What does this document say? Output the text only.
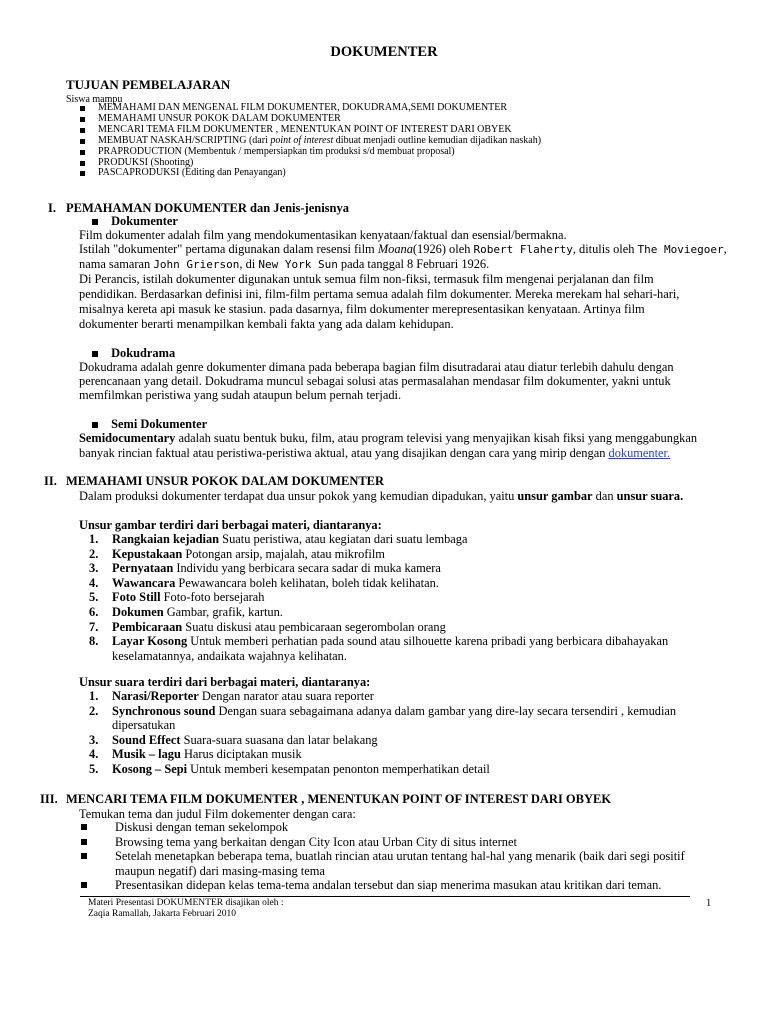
DOKUMENTER
TUJUAN PEMBELAJARAN
Siswa mampu
MEMAHAMI DAN MENGENAL FILM DOKUMENTER, DOKUDRAMA,SEMI DOKUMENTER
MEMAHAMI UNSUR POKOK DALAM DOKUMENTER
MENCARI TEMA FILM DOKUMENTER , MENENTUKAN POINT OF INTEREST DARI OBYEK
MEMBUAT NASKAH/SCRIPTING (dari point of interest dibuat menjadi outline kemudian dijadikan naskah)
PRAPRODUCTION (Membentuk / mempersiapkan tim produksi s/d membuat proposal)
PRODUKSI (Shooting)
PASCAPRODUKSI (Editing dan Penayangan)
I. PEMAHAMAN DOKUMENTER dan Jenis-jenisnya
Dokumenter
Film dokumenter adalah film yang mendokumentasikan kenyataan/faktual dan esensial/bermakna.
Istilah "dokumenter" pertama digunakan dalam resensi film Moana(1926) oleh Robert Flaherty, ditulis oleh The Moviegoer,
nama samaran John Grierson, di New York Sun pada tanggal 8 Februari 1926.
Di Perancis, istilah dokumenter digunakan untuk semua film non-fiksi, termasuk film mengenai perjalanan dan film
pendidikan. Berdasarkan definisi ini, film-film pertama semua adalah film dokumenter. Mereka merekam hal sehari-hari,
misalnya kereta api masuk ke stasiun. pada dasarnya, film dokumenter merepresentasikan kenyataan. Artinya film
dokumenter berarti menampilkan kembali fakta yang ada dalam kehidupan.
Dokudrama
Dokudrama adalah genre dokumenter dimana pada beberapa bagian film disutradarai atau diatur terlebih dahulu dengan
perencanaan yang detail. Dokudrama muncul sebagai solusi atas permasalahan mendasar film dokumenter, yakni untuk
memfilmkan peristiwa yang sudah ataupun belum pernah terjadi.
Semi Dokumenter
Semidocumentary adalah suatu bentuk buku, film, atau program televisi yang menyajikan kisah fiksi yang menggabungkan
banyak rincian faktual atau peristiwa-peristiwa aktual, atau yang disajikan dengan cara yang mirip dengan dokumenter.
II. MEMAHAMI UNSUR POKOK DALAM DOKUMENTER
Dalam produksi dokumenter terdapat dua unsur pokok yang kemudian dipadukan, yaitu unsur gambar dan unsur suara.
Unsur gambar terdiri dari berbagai materi, diantaranya:
1. Rangkaian kejadian Suatu peristiwa, atau kegiatan dari suatu lembaga
2. Kepustakaan Potongan arsip, majalah, atau mikrofilm
3. Pernyataan Individu yang berbicara secara sadar di muka kamera
4. Wawancara Pewawancara boleh kelihatan, boleh tidak kelihatan.
5. Foto Still Foto-foto bersejarah
6. Dokumen Gambar, grafik, kartun.
7. Pembicaraan Suatu diskusi atau pembicaraan segerombolan orang
8. Layar Kosong Untuk memberi perhatian pada sound atau silhouette karena pribadi yang berbicara dibahayakan
keselamatannya, andaikata wajahnya kelihatan.
Unsur suara terdiri dari berbagai materi, diantaranya:
1. Narasi/Reporter Dengan narator atau suara reporter
2. Synchronous sound Dengan suara sebagaimana adanya dalam gambar yang dire-lay secara tersendiri , kemudian
dipersatukan
3. Sound Effect Suara-suara suasana dan latar belakang
4. Musik – lagu Harus diciptakan musik
5. Kosong – Sepi Untuk memberi kesempatan penonton memperhatikan detail
III. MENCARI TEMA FILM DOKUMENTER , MENENTUKAN POINT OF INTEREST DARI OBYEK
Temukan tema dan judul Film dokementer dengan cara:
Diskusi dengan teman sekelompok
Browsing tema yang berkaitan dengan City Icon atau Urban City di situs internet
Setelah menetapkan beberapa tema, buatlah rincian atau urutan tentang hal-hal yang menarik (baik dari segi positif
maupun negatif) dari masing-masing tema
Presentasikan didepan kelas tema-tema andalan tersebut dan siap menerima masukan atau kritikan dari teman.
Materi Presentasi DOKUMENTER disajikan oleh :
Zaqia Ramallah, Jakarta Februari 2010
1
